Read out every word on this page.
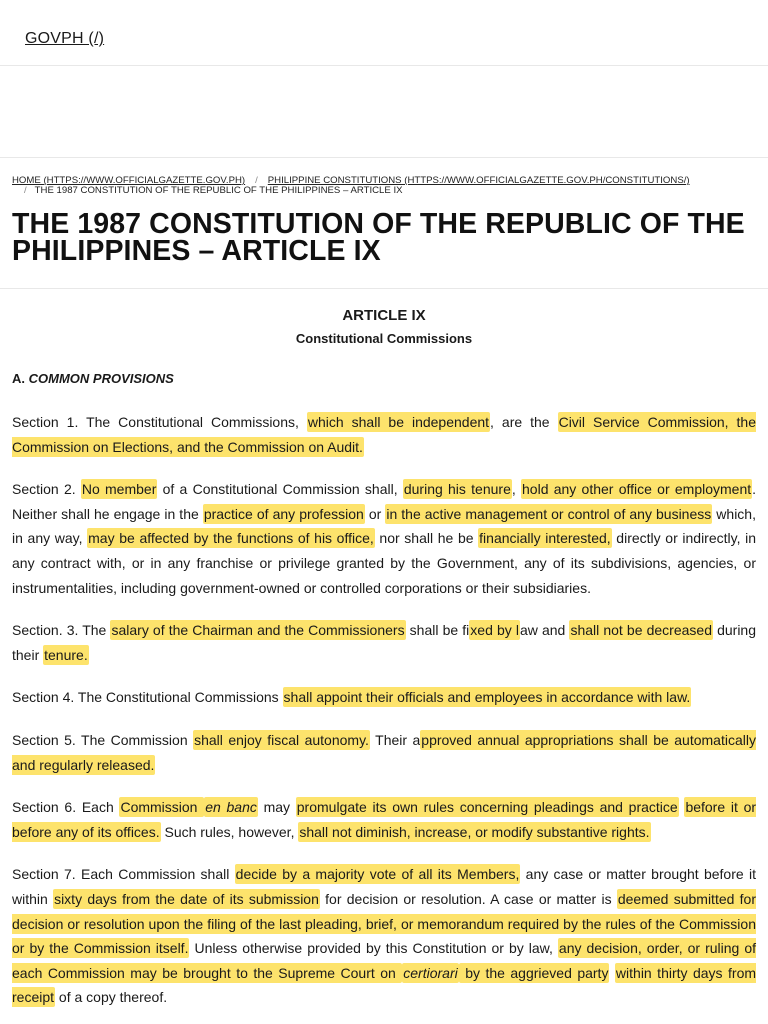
GOVPH (/)
HOME (HTTPS://WWW.OFFICIALGAZETTE.GOV.PH) / PHILIPPINE CONSTITUTIONS (HTTPS://WWW.OFFICIALGAZETTE.GOV.PH/CONSTITUTIONS/)
/ THE 1987 CONSTITUTION OF THE REPUBLIC OF THE PHILIPPINES – ARTICLE IX
THE 1987 CONSTITUTION OF THE REPUBLIC OF THE PHILIPPINES – ARTICLE IX
ARTICLE IX
Constitutional Commissions
A. COMMON PROVISIONS

Section 1. The Constitutional Commissions, which shall be independent, are the Civil Service Commission, the Commission on Elections, and the Commission on Audit.

Section 2. No member of a Constitutional Commission shall, during his tenure, hold any other office or employment. Neither shall he engage in the practice of any profession or in the active management or control of any business which, in any way, may be affected by the functions of his office, nor shall he be financially interested, directly or indirectly, in any contract with, or in any franchise or privilege granted by the Government, any of its subdivisions, agencies, or instrumentalities, including government-owned or controlled corporations or their subsidiaries.

Section. 3. The salary of the Chairman and the Commissioners shall be fixed by law and shall not be decreased during their tenure.

Section 4. The Constitutional Commissions shall appoint their officials and employees in accordance with law.

Section 5. The Commission shall enjoy fiscal autonomy. Their approved annual appropriations shall be automatically and regularly released.

Section 6. Each Commission en banc may promulgate its own rules concerning pleadings and practice before it or before any of its offices. Such rules, however, shall not diminish, increase, or modify substantive rights.

Section 7. Each Commission shall decide by a majority vote of all its Members, any case or matter brought before it within sixty days from the date of its submission for decision or resolution. A case or matter is deemed submitted for decision or resolution upon the filing of the last pleading, brief, or memorandum required by the rules of the Commission or by the Commission itself. Unless otherwise provided by this Constitution or by law, any decision, order, or ruling of each Commission may be brought to the Supreme Court on certiorari by the aggrieved party within thirty days from receipt of a copy thereof.
